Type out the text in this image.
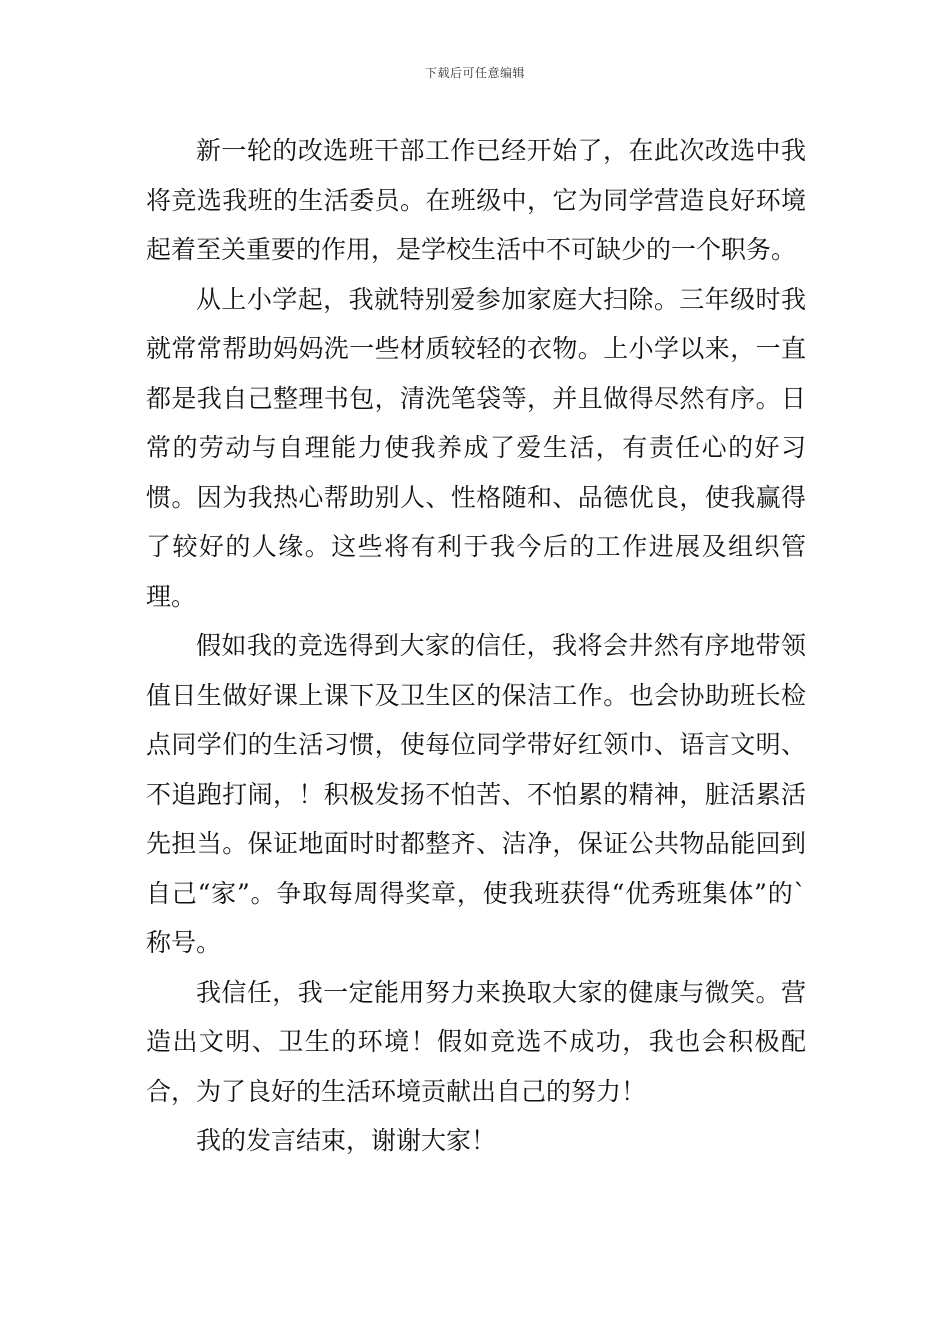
下载后可任意编辑

新一轮的改选班干部工作已经开始了，在此次改选中我将竞选我班的生活委员。在班级中，它为同学营造良好环境起着至关重要的作用，是学校生活中不可缺少的一个职务。

从上小学起，我就特别爱参加家庭大扫除。三年级时我就常常帮助妈妈洗一些材质较轻的衣物。上小学以来，一直都是我自己整理书包，清洗笔袋等，并且做得尽然有序。日常的劳动与自理能力使我养成了爱生活，有责任心的好习惯。因为我热心帮助别人、性格随和、品德优良，使我赢得了较好的人缘。这些将有利于我今后的工作进展及组织管理。

假如我的竞选得到大家的信任，我将会井然有序地带领值日生做好课上课下及卫生区的保洁工作。也会协助班长检点同学们的生活习惯，使每位同学带好红领巾、语言文明、不追跑打闹，！积极发扬不怕苦、不怕累的精神，脏活累活先担当。保证地面时时都整齐、洁净，保证公共物品能回到自己“家”。争取每周得奖章，使我班获得“优秀班集体”的`称号。

我信任，我一定能用努力来换取大家的健康与微笑。营造出文明、卫生的环境！假如竞选不成功，我也会积极配合，为了良好的生活环境贡献出自己的努力！

我的发言结束，谢谢大家！
